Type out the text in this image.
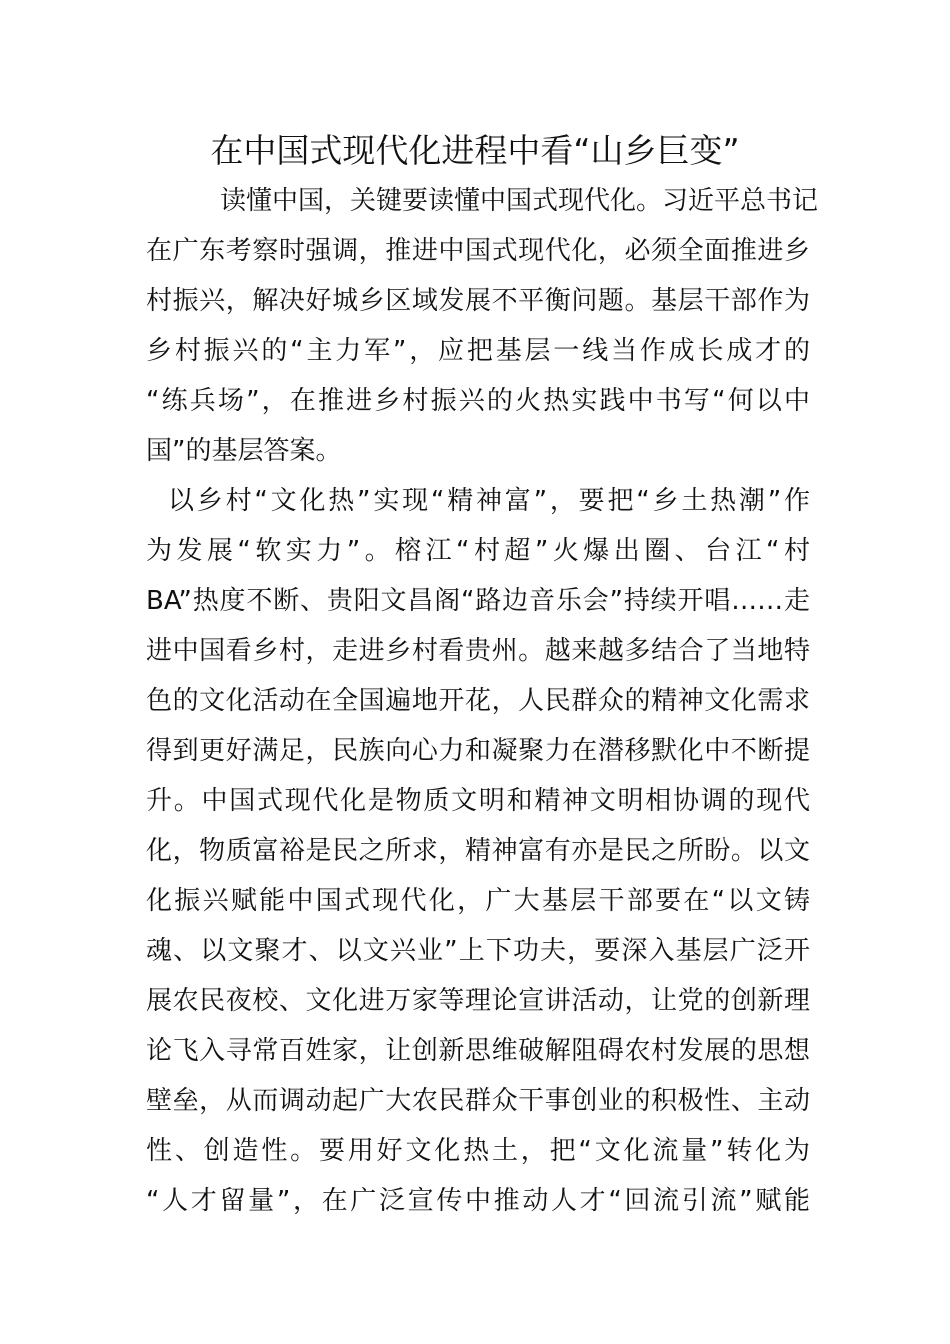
在中国式现代化进程中看“山乡巨变”
读懂中国，关键要读懂中国式现代化。习近平总书记
在广东考察时强调，推进中国式现代化，必须全面推进乡
村振兴，解决好城乡区域发展不平衡问题。基层干部作为
乡村振兴的“主力军”，应把基层一线当作成长成才的
“练兵场”，在推进乡村振兴的火热实践中书写“何以中
国”的基层答案。
以乡村“文化热”实现“精神富”，要把“乡土热潮”作
为发展“软实力”。榕江“村超”火爆出圈、台江“村
BA”热度不断、贵阳文昌阁“路边音乐会”持续开唱……走
进中国看乡村，走进乡村看贵州。越来越多结合了当地特
色的文化活动在全国遍地开花，人民群众的精神文化需求
得到更好满足，民族向心力和凝聚力在潜移默化中不断提
升。中国式现代化是物质文明和精神文明相协调的现代
化，物质富裕是民之所求，精神富有亦是民之所盼。以文
化振兴赋能中国式现代化，广大基层干部要在“以文铸
魂、以文聚才、以文兴业”上下功夫，要深入基层广泛开
展农民夜校、文化进万家等理论宣讲活动，让党的创新理
论飞入寻常百姓家，让创新思维破解阻碍农村发展的思想
壁垒，从而调动起广大农民群众干事创业的积极性、主动
性、创造性。要用好文化热土，把“文化流量”转化为
“人才留量”，在广泛宣传中推动人才“回流引流”赋能
